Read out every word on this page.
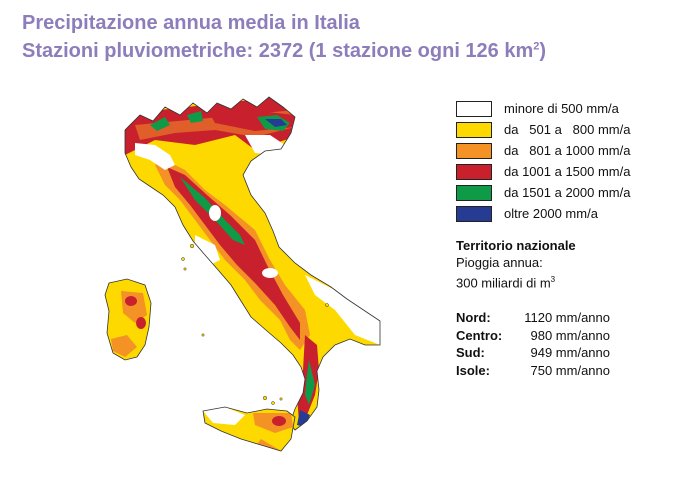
Precipitazione annua media in Italia
Stazioni pluviometriche: 2372 (1 stazione ogni 126 $km^2$)
minore di 500 mm/a
da   501 a   800 mm/a
da   801 a 1000 mm/a
da 1001 a 1500 mm/a
da 1501 a 2000 mm/a
oltre 2000 mm/a
Territorio nazionale
Pioggia annua:
300 miliardi di $m^3$
Nord:	1120 mm/anno
Centro:	980 mm/anno
Sud:	949 mm/anno
Isole:	750 mm/anno
